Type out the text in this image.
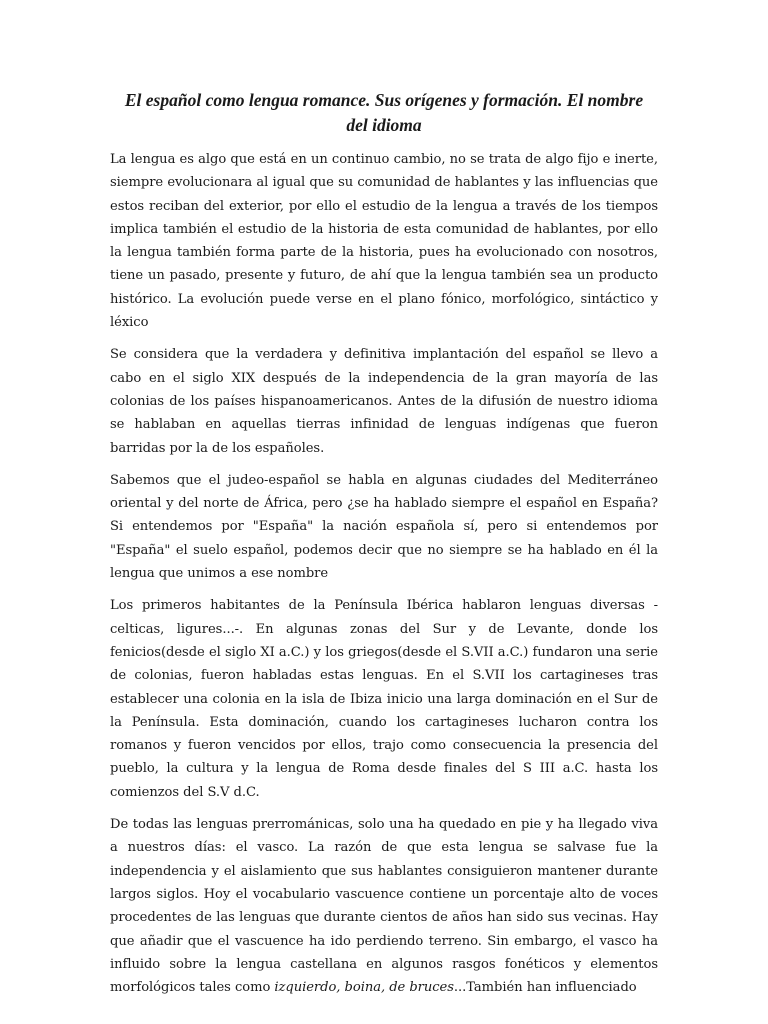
El español como lengua romance. Sus orígenes y formación. El nombre del idioma

La lengua es algo que está en un continuo cambio, no se trata de algo fijo e inerte, siempre evolucionara al igual que su comunidad de hablantes y las influencias que estos reciban del exterior, por ello el estudio de la lengua a través de los tiempos implica también el estudio de la historia de esta comunidad de hablantes, por ello la lengua también forma parte de la historia, pues ha evolucionado con nosotros, tiene un pasado, presente y futuro, de ahí que la lengua también sea un producto histórico. La evolución puede verse en el plano fónico, morfológico, sintáctico y léxico

Se considera que la verdadera y definitiva implantación del español se llevo a cabo en el siglo XIX después de la independencia de la gran mayoría de las colonias de los países hispanoamericanos. Antes de la difusión de nuestro idioma se hablaban en aquellas tierras infinidad de lenguas indígenas que fueron barridas por la de los españoles.

Sabemos que el judeo-español se habla en algunas ciudades del Mediterráneo oriental y del norte de África, pero ¿se ha hablado siempre el español en España? Si entendemos por "España" la nación española sí, pero si entendemos por "España" el suelo español, podemos decir que no siempre se ha hablado en él la lengua que unimos a ese nombre

Los primeros habitantes de la Península Ibérica hablaron lenguas diversas -celticas, ligures...-. En algunas zonas del Sur y de Levante, donde los fenicios(desde el siglo XI a.C.) y los griegos(desde el S.VII a.C.) fundaron una serie de colonias, fueron habladas estas lenguas. En el S.VII los cartagineses tras establecer una colonia en la isla de Ibiza inicio una larga dominación en el Sur de la Península. Esta dominación, cuando los cartagineses lucharon contra los romanos y fueron vencidos por ellos, trajo como consecuencia la presencia del pueblo, la cultura y la lengua de Roma desde finales del S III a.C. hasta los comienzos del S.V d.C.

De todas las lenguas prerrománicas, solo una ha quedado en pie y ha llegado viva a nuestros días: el vasco. La razón de que esta lengua se salvase fue la independencia y el aislamiento que sus hablantes consiguieron mantener durante largos siglos. Hoy el vocabulario vascuence contiene un porcentaje alto de voces procedentes de las lenguas que durante cientos de años han sido sus vecinas. Hay que añadir que el vascuence ha ido perdiendo terreno. Sin embargo, el vasco ha influido sobre la lengua castellana en algunos rasgos fonéticos y elementos morfológicos tales como izquierdo, boina, de bruces...También han influenciado
